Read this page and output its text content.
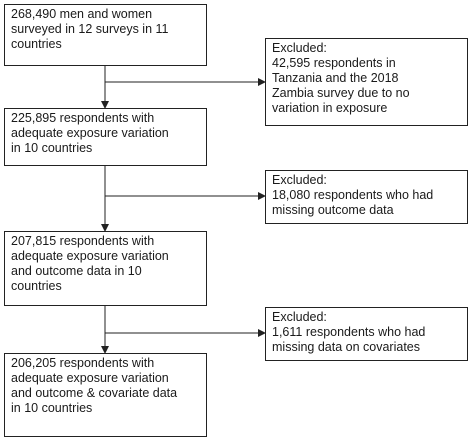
268,490 men and women
surveyed in 12 surveys in 11
countries
225,895 respondents with
adequate exposure variation
in 10 countries
207,815 respondents with
adequate exposure variation
and outcome data in 10
countries
206,205 respondents with
adequate exposure variation
and outcome & covariate data
in 10 countries
Excluded:
42,595 respondents in
Tanzania and the 2018
Zambia survey due to no
variation in exposure
Excluded:
18,080 respondents who had
missing outcome data
Excluded:
1,611 respondents who had
missing data on covariates
